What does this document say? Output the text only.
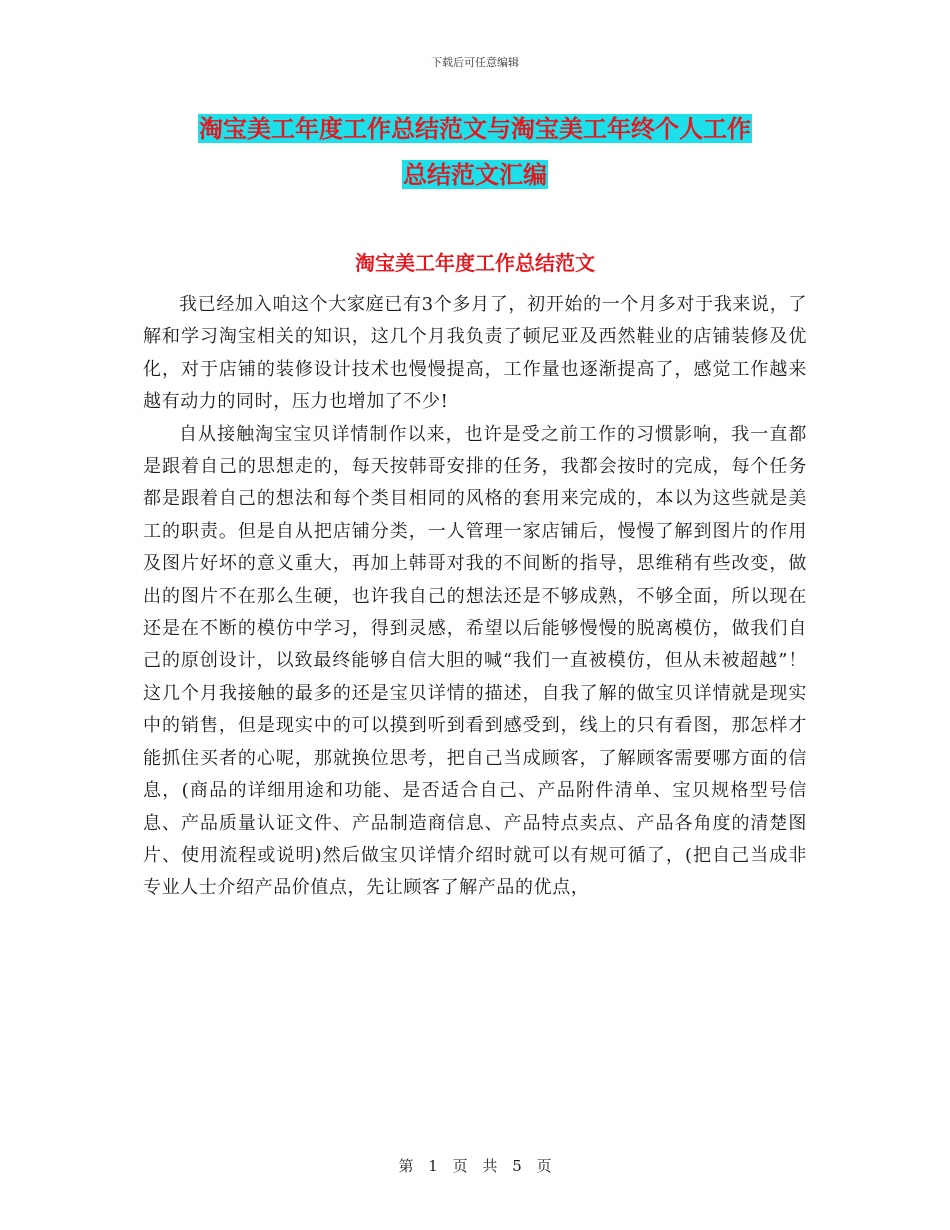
下载后可任意编辑
淘宝美工年度工作总结范文与淘宝美工年终个人工作
总结范文汇编
淘宝美工年度工作总结范文

我已经加入咱这个大家庭已有3个多月了，初开始的一个月多对于我来说，了解和学习淘宝相关的知识，这几个月我负责了顿尼亚及西然鞋业的店铺装修及优化，对于店铺的装修设计技术也慢慢提高，工作量也逐渐提高了，感觉工作越来越有动力的同时，压力也增加了不少!

自从接触淘宝宝贝详情制作以来，也许是受之前工作的习惯影响，我一直都是跟着自己的思想走的，每天按韩哥安排的任务，我都会按时的完成，每个任务都是跟着自己的想法和每个类目相同的风格的套用来完成的，本以为这些就是美工的职责。但是自从把店铺分类，一人管理一家店铺后，慢慢了解到图片的作用及图片好坏的意义重大，再加上韩哥对我的不间断的指导，思维稍有些改变，做出的图片不在那么生硬，也许我自己的想法还是不够成熟，不够全面，所以现在还是在不断的模仿中学习，得到灵感，希望以后能够慢慢的脱离模仿，做我们自己的原创设计，以致最终能够自信大胆的喊“我们一直被模仿，但从未被超越”！这几个月我接触的最多的还是宝贝详情的描述，自我了解的做宝贝详情就是现实中的销售，但是现实中的可以摸到听到看到感受到，线上的只有看图，那怎样才能抓住买者的心呢，那就换位思考，把自己当成顾客，了解顾客需要哪方面的信息，(商品的详细用途和功能、是否适合自己、产品附件清单、宝贝规格型号信息、产品质量认证文件、产品制造商信息、产品特点卖点、产品各角度的清楚图片、使用流程或说明)然后做宝贝详情介绍时就可以有规可循了，(把自己当成非专业人士介绍产品价值点，先让顾客了解产品的优点，

第 1 页 共 5 页
